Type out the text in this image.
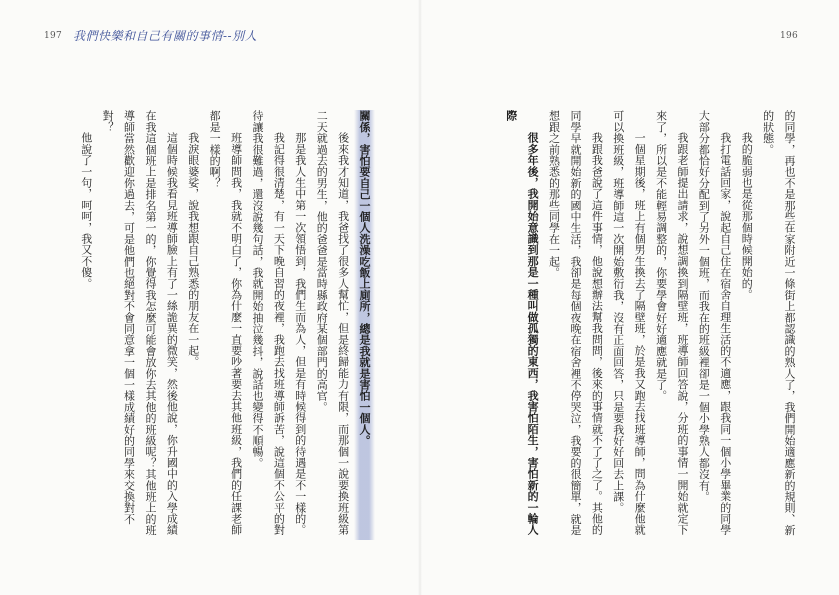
197 我們快樂和自己有關的事情--別人	196

的同學，再也不是那些在家附近一條街上都認識的熟人了，我們開始適應新的規則、新的狀態。

我的脆弱也是從那個時候開始的。

我打電話回家，說起自己住在宿舍自理生活的不適應，跟我同一個小學畢業的同學大部分都恰好分配到了另外一個班，而我在的班級裡卻是一個小學熟人都沒有。

我跟老師提出請求，說想調換到隔壁班，班導師回答說，分班的事情一開始就定下來了，所以是不能輕易調整的，你要學會好好適應就是了。

一個星期後，班上有個男生換去了隔壁班，於是我又跑去找班導師，問為什麼他就可以換班級，班導師這一次開始敷衍我，沒有正面回答，只是要我好好回去上課。

我跟我爸說了這件事情，他說想辦法幫我問問，後來的事情就不了了之了。其他的同學早就開始新的國中生活，我卻是每個夜晚在宿舍裡不停哭泣，我要的很簡單，就是想跟之前熟悉的那些同學在一起。

很多年後，我開始意識到那是一種叫做孤獨的東西，我害怕陌生，害怕新的一輪人際

關係，害怕要自己一個人洗澡吃飯上廁所，總是我就是害怕一個人。

後來我才知道，我爸找了很多人幫忙，但是終歸能力有限，而那個一說要換班級第二天就過去的男生，他的爸爸是當時縣政府某個部門的高官。

那是我人生中第一次領悟到，我們生而為人，但是有時候得到的待遇是不一樣的。

我記得很清楚，有一天下晚自習的夜裡，我跑去找班導師訴苦，說這個不公平的對待讓我很難過，還沒說幾句話，我就開始抽泣幾抖，說話也變得不順暢。

班導師問我，我就不明白了，你為什麼一直要吵著要去其他班級，我們的任課老師都是一樣的啊？

我淚眼婆娑，說我想跟自己熟悉的朋友在一起。

這個時候我看見班導師臉上有了一絲詭異的微笑，然後他說，你升國中的入學成績在我這個班上是排名第一的，你覺得我怎麼可能會放你去其他的班級呢？其他班上的班導師當然歡迎你過去，可是他們也絕對不會同意拿一個一樣成績好的同學來交換對不對？

他說了一句，呵呵，我又不傻。
